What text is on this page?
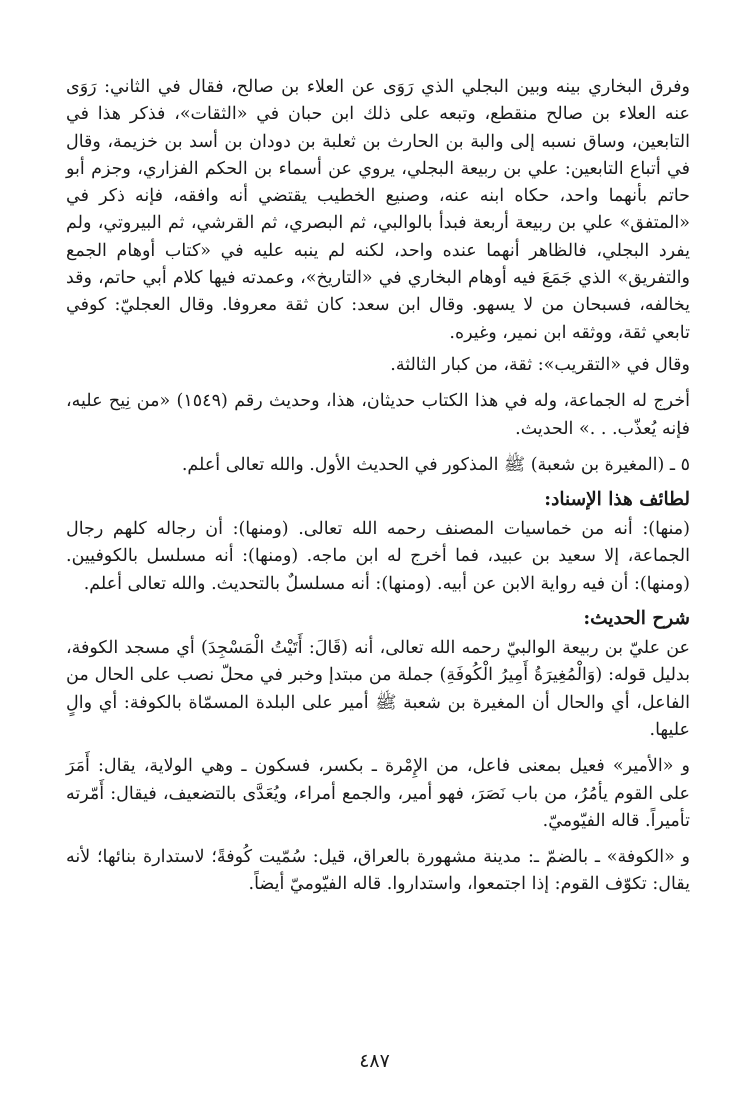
وفرق البخاري بينه وبين البجلي الذي رَوَى عن العلاء بن صالح، فقال في الثاني: رَوَى عنه العلاء بن صالح منقطع، وتبعه على ذلك ابن حبان في «الثقات»، فذكر هذا في التابعين، وساق نسبه إلى والبة بن الحارث بن ثعلبة بن دودان بن أسد بن خزيمة، وقال في أتباع التابعين: علي بن ربيعة البجلي، يروي عن أسماء بن الحكم الفزاري، وجزم أبو حاتم بأنهما واحد، حكاه ابنه عنه، وصنيع الخطيب يقتضي أنه وافقه، فإنه ذكر في «المتفق» علي بن ربيعة أربعة فبدأ بالوالبي، ثم البصري، ثم القرشي، ثم البيروتي، ولم يفرد البجلي، فالظاهر أنهما عنده واحد، لكنه لم ينبه عليه في «كتاب أوهام الجمع والتفريق» الذي جَمَعَ فيه أوهام البخاري في «التاريخ»، وعمدته فيها كلام أبي حاتم، وقد يخالفه، فسبحان من لا يسهو. وقال ابن سعد: كان ثقة معروفا. وقال العجليّ: كوفي تابعي ثقة، ووثقه ابن نمير، وغيره.

وقال في «التقريب»: ثقة، من كبار الثالثة.

أخرج له الجماعة، وله في هذا الكتاب حديثان، هذا، وحديث رقم (١٥٤٩) «من نِيح عليه، فإنه يُعذّب. . .» الحديث.

٥ ـ (المغيرة بن شعبة) ﷺ المذكور في الحديث الأول. والله تعالى أعلم.

لطائف هذا الإسناد:

(منها): أنه من خماسيات المصنف رحمه الله تعالى. (ومنها): أن رجاله كلهم رجال الجماعة، إلا سعيد بن عبيد، فما أخرج له ابن ماجه. (ومنها): أنه مسلسل بالكوفيين. (ومنها): أن فيه رواية الابن عن أبيه. (ومنها): أنه مسلسلٌ بالتحديث. والله تعالى أعلم.

شرح الحديث:

عن عليّ بن ربيعة الوالبيّ رحمه الله تعالى، أنه (قَالَ: أَتَيْتُ الْمَسْجِدَ) أي مسجد الكوفة، بدليل قوله: (وَالْمُغِيرَةُ أَمِيرُ الْكُوفَةِ) جملة من مبتدإ وخبر في محلّ نصب على الحال من الفاعل، أي والحال أن المغيرة بن شعبة ﷺ أمير على البلدة المسمّاة بالكوفة: أي والٍ عليها.

و «الأمير» فعيل بمعنى فاعل، من الإِمْرة ـ بكسر، فسكون ـ وهي الولاية، يقال: أَمَرَ على القوم يأمُرُ، من باب نَصَرَ، فهو أمير، والجمع أمراء، ويُعَدَّى بالتضعيف، فيقال: أَمّرته تأميراً. قاله الفيّوميّ.

و «الكوفة» ـ بالضمّ ـ: مدينة مشهورة بالعراق، قيل: سُمّيت كُوفةً؛ لاستدارة بنائها؛ لأنه يقال: تكوّف القوم: إذا اجتمعوا، واستداروا. قاله الفيّوميّ أيضاً.

٤٨٧
